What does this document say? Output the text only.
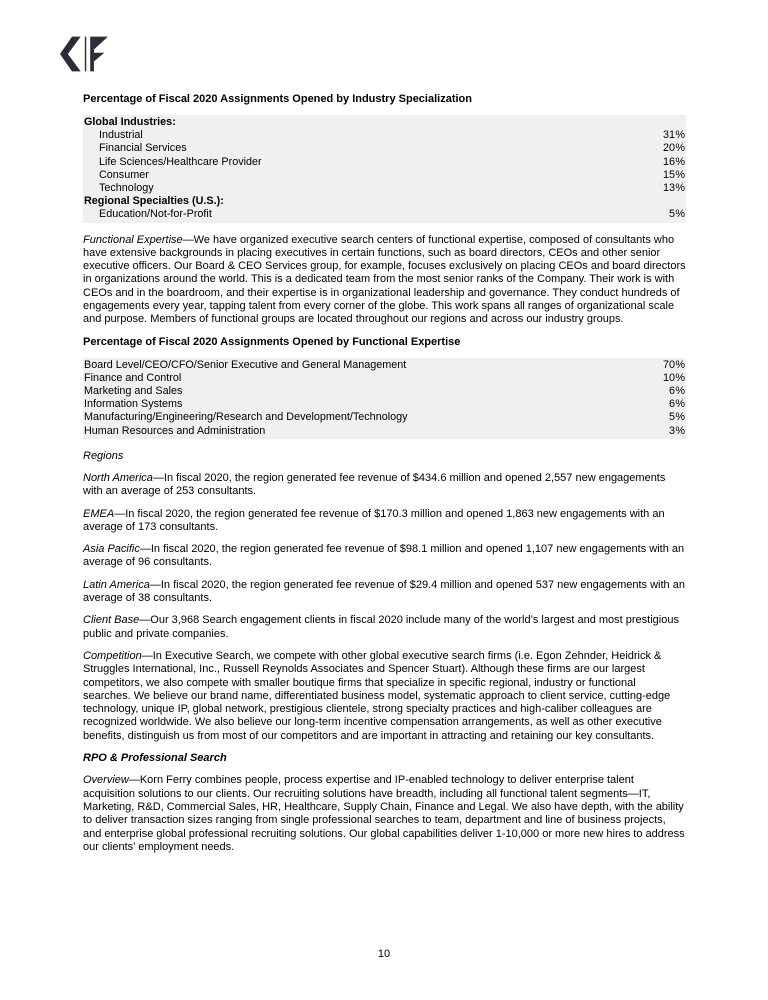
Percentage of Fiscal 2020 Assignments Opened by Industry Specialization
Global Industries:
Industrial	31 %
Financial Services	20 %
Life Sciences/Healthcare Provider	16 %
Consumer	15 %
Technology	13 %
Regional Specialties (U.S.):
Education/Not-for-Profit	5 %

Functional Expertise—We have organized executive search centers of functional expertise, composed of consultants who have extensive backgrounds in placing executives in certain functions, such as board directors, CEOs and other senior executive officers. Our Board & CEO Services group, for example, focuses exclusively on placing CEOs and board directors in organizations around the world. This is a dedicated team from the most senior ranks of the Company. Their work is with CEOs and in the boardroom, and their expertise is in organizational leadership and governance. They conduct hundreds of engagements every year, tapping talent from every corner of the globe. This work spans all ranges of organizational scale and purpose. Members of functional groups are located throughout our regions and across our industry groups.

Percentage of Fiscal 2020 Assignments Opened by Functional Expertise
Board Level/CEO/CFO/Senior Executive and General Management	70 %
Finance and Control	10 %
Marketing and Sales	6 %
Information Systems	6 %
Manufacturing/Engineering/Research and Development/Technology	5 %
Human Resources and Administration	3 %
Regions

North America—In fiscal 2020, the region generated fee revenue of $434.6 million and opened 2,557 new engagements with an average of 253 consultants.

EMEA—In fiscal 2020, the region generated fee revenue of $170.3 million and opened 1,863 new engagements with an average of 173 consultants.

Asia Pacific—In fiscal 2020, the region generated fee revenue of $98.1 million and opened 1,107 new engagements with an average of 96 consultants.

Latin America—In fiscal 2020, the region generated fee revenue of $29.4 million and opened 537 new engagements with an average of 38 consultants.

Client Base—Our 3,968 Search engagement clients in fiscal 2020 include many of the world’s largest and most prestigious public and private companies.

Competition—In Executive Search, we compete with other global executive search firms (i.e. Egon Zehnder, Heidrick & Struggles International, Inc., Russell Reynolds Associates and Spencer Stuart). Although these firms are our largest competitors, we also compete with smaller boutique firms that specialize in specific regional, industry or functional searches. We believe our brand name, differentiated business model, systematic approach to client service, cutting-edge technology, unique IP, global network, prestigious clientele, strong specialty practices and high-caliber colleagues are recognized worldwide. We also believe our long-term incentive compensation arrangements, as well as other executive benefits, distinguish us from most of our competitors and are important in attracting and retaining our key consultants.

RPO & Professional Search

Overview—Korn Ferry combines people, process expertise and IP-enabled technology to deliver enterprise talent acquisition solutions to our clients. Our recruiting solutions have breadth, including all functional talent segments—IT, Marketing, R&D, Commercial Sales, HR, Healthcare, Supply Chain, Finance and Legal. We also have depth, with the ability to deliver transaction sizes ranging from single professional searches to team, department and line of business projects, and enterprise global professional recruiting solutions. Our global capabilities deliver 1-10,000 or more new hires to address our clients’ employment needs.

10
